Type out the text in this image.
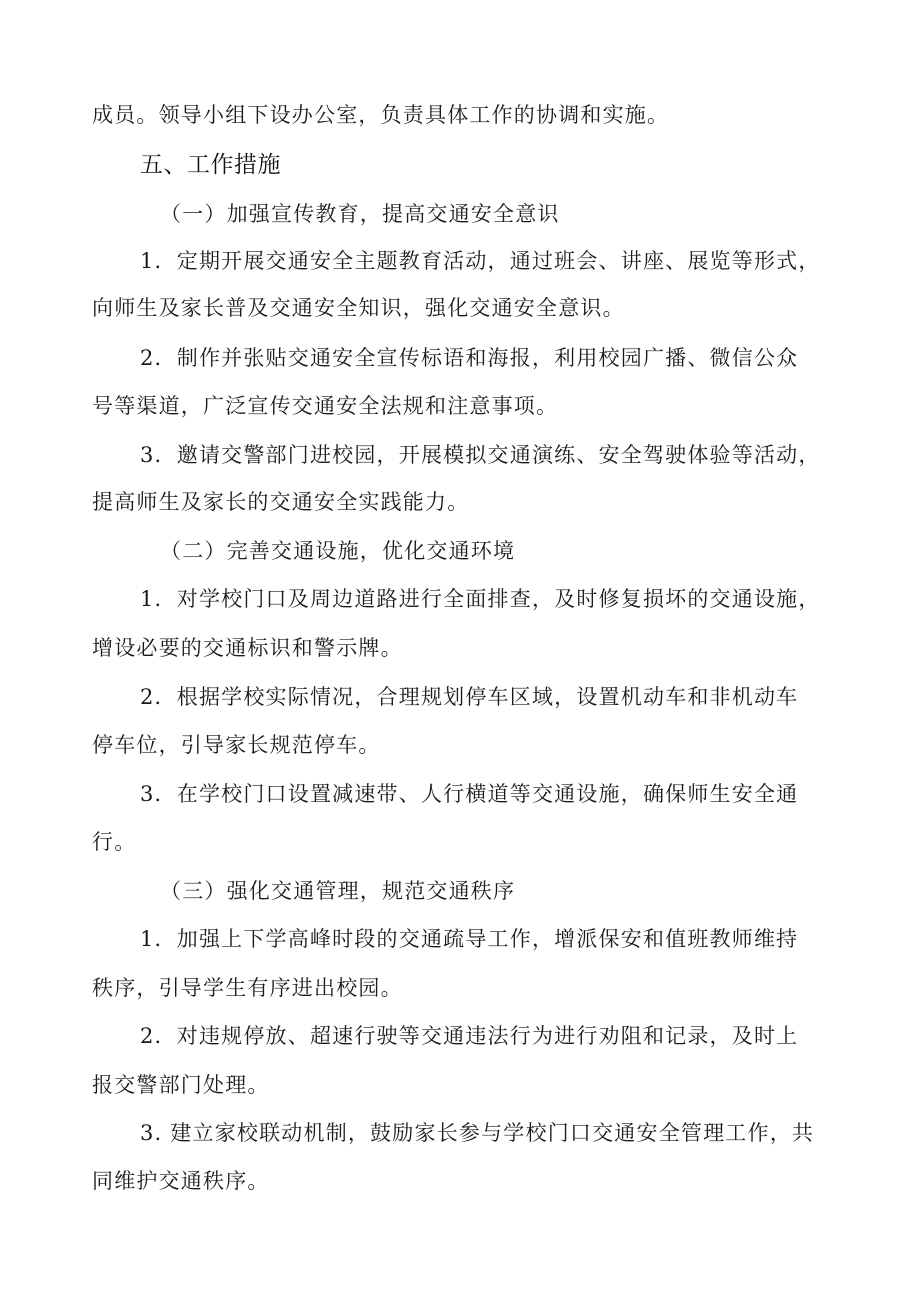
成员。领导小组下设办公室，负责具体工作的协调和实施。
五、工作措施
（一）加强宣传教育，提高交通安全意识
1．定期开展交通安全主题教育活动，通过班会、讲座、展览等形式，
向师生及家长普及交通安全知识，强化交通安全意识。
2．制作并张贴交通安全宣传标语和海报，利用校园广播、微信公众
号等渠道，广泛宣传交通安全法规和注意事项。
3．邀请交警部门进校园，开展模拟交通演练、安全驾驶体验等活动，
提高师生及家长的交通安全实践能力。
（二）完善交通设施，优化交通环境
1．对学校门口及周边道路进行全面排查，及时修复损坏的交通设施，
增设必要的交通标识和警示牌。
2．根据学校实际情况，合理规划停车区域，设置机动车和非机动车
停车位，引导家长规范停车。
3．在学校门口设置减速带、人行横道等交通设施，确保师生安全通
行。
（三）强化交通管理，规范交通秩序
1．加强上下学高峰时段的交通疏导工作，增派保安和值班教师维持
秩序，引导学生有序进出校园。
2．对违规停放、超速行驶等交通违法行为进行劝阻和记录，及时上
报交警部门处理。
3. 建立家校联动机制，鼓励家长参与学校门口交通安全管理工作，共
同维护交通秩序。
